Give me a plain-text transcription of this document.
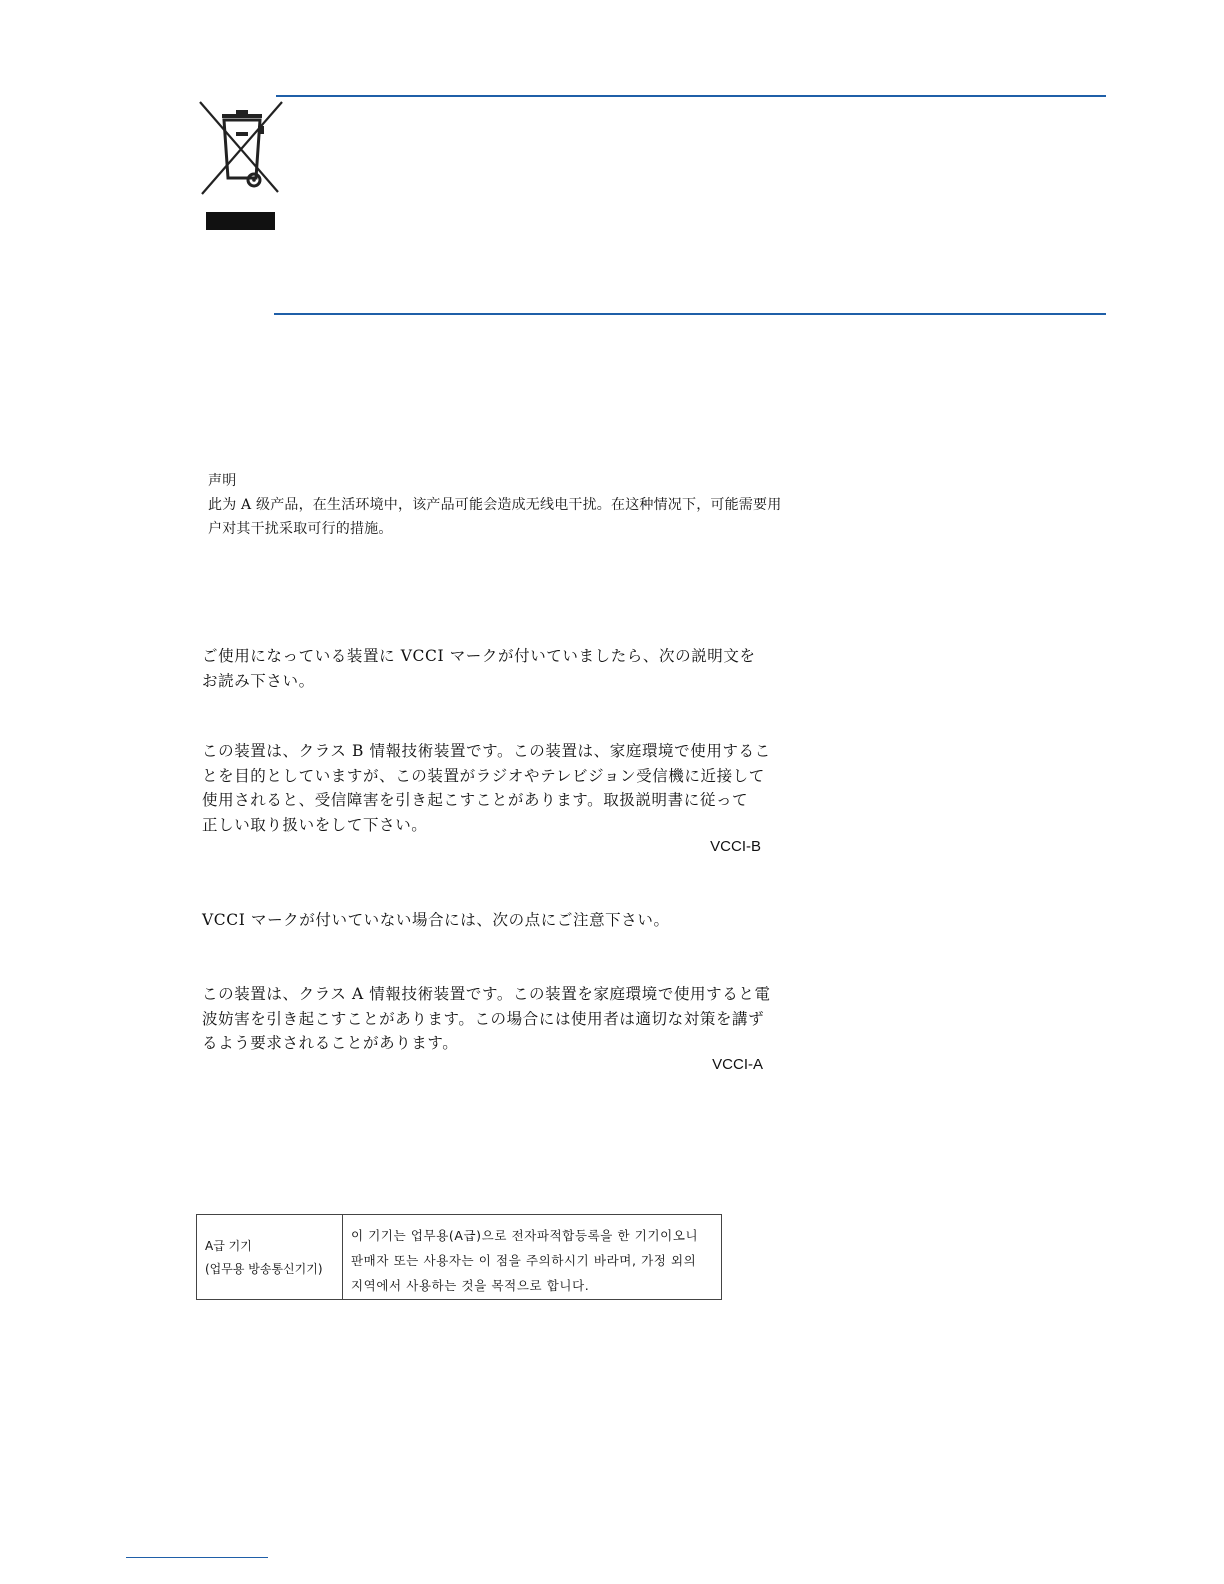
声明
此为 A 级产品，在生活环境中，该产品可能会造成无线电干扰。在这种情况下，可能需要用
户对其干扰采取可行的措施。
ご使用になっている装置に VCCI マークが付いていましたら、次の説明文を
お読み下さい。
この装置は、クラス B 情報技術装置です。この装置は、家庭環境で使用するこ
とを目的としていますが、この装置がラジオやテレビジョン受信機に近接して
使用されると、受信障害を引き起こすことがあります。取扱説明書に従って
正しい取り扱いをして下さい。
VCCI-B
VCCI マークが付いていない場合には、次の点にご注意下さい。
この装置は、クラス A 情報技術装置です。この装置を家庭環境で使用すると電
波妨害を引き起こすことがあります。この場合には使用者は適切な対策を講ず
るよう要求されることがあります。
VCCI-A
A급 기기
(업무용 방송통신기기)
이 기기는 업무용(A급)으로 전자파적합등록을 한 기기이오니
판매자 또는 사용자는 이 점을 주의하시기 바라며, 가정 외의
지역에서 사용하는 것을 목적으로 합니다.
